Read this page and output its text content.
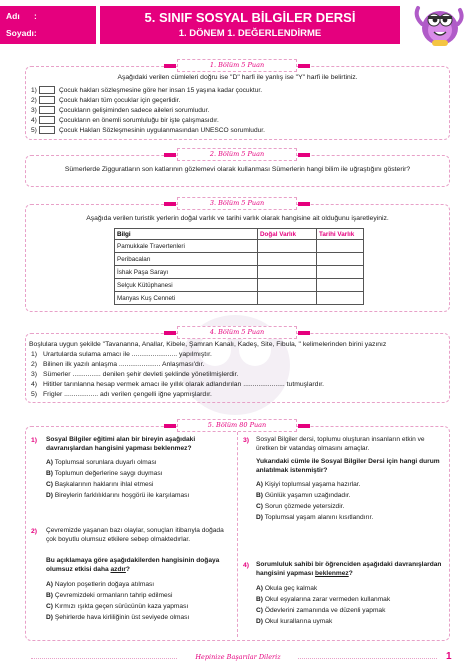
Adı :
Soyadı:
5. SINIF SOSYAL BİLGİLER DERSİ
1. DÖNEM 1. DEĞERLENDİRME
1. Bölüm 5 Puan
Aşağıdaki verilen cümleleri doğru ise "D" harfi ile yanlış ise "Y" harfi ile belirtiniz.
1)	Çocuk hakları sözleşmesine göre her insan 15 yaşına kadar çocuktur.
2)	Çocuk hakları tüm çocuklar için geçerlidir.
3)	Çocukların gelişiminden sadece aileleri sorumludur.
4)	Çocukların en önemli sorumluluğu bir işte çalışmasıdır.
5)	Çocuk Hakları Sözleşmesinin uygulanmasından UNESCO sorumludur.
2. Bölüm 5 Puan
Sümerlerde Zigguratların son katlarının gözlemevi olarak kullanması Sümerlerin hangi bilim ile uğraştığını gösterir?
3. Bölüm 5 Puan
Aşağıda verilen turistik yerlerin doğal varlık ve tarihi varlık olarak hangisine ait olduğunu işaretleyiniz.
Bilgi	Doğal Varlık	Tarihi Varlık
Pamukkale Travertenleri		
Peribacaları		
İshak Paşa Sarayı		
Selçuk Kütüphanesi		
Manyas Kuş Cenneti		
4. Bölüm 5 Puan
Boşlulara uygun şekilde "Tavananna, Anallar, Kibele, Şamran Kanalı, Kadeş, Site, Fibula, " kelimelerinden birini yazınız
1) Urartularda sulama amacı ile ........................ yapılmıştır.
2) Bilinen ilk yazılı anlaşma ...................... Anlaşması'dır.
3) Sümerler ............... denilen şehir devleti şeklinde yönetilmişlerdir.
4) Hititler tarınlanna hesap vermek amacı ile yıllık olarak adlandırılan ...................... tutmuşlardır.
5) Frigler .................. adı verilen çengelli iğne yapmışlardır.
5. Bölüm 80 Puan
1) Sosyal Bilgiler eğitimi alan bir bireyin aşağıdaki davranışlardan hangisini yapması beklenmez?
A) Toplumsal sorunlara duyarlı olması
B) Toplumun değerlerine saygı duyması
C) Başkalarının haklarını ihlal etmesi
D) Bireylerin farklılıklarını hoşgörü ile karşılaması
2) Çevremizde yaşanan bazı olaylar, sonuçları itibarıyla doğada çok boyutlu olumsuz etkilere sebep olmaktedırlar.
Bu açıklamaya göre aşağıdakilerden hangisinin doğaya olumsuz etkisi daha azdır?
A) Naylon poşetlerin doğaya atılması
B) Çevremizdeki ormanların tahrip edilmesi
C) Kırmızı ışıkta geçen sürücünün kaza yapması
D) Şehirlerde hava kirliliğinin üst seviyede olması
3) Sosyal Bilgiler dersi, toplumu oluşturan insanların etkin ve üretken bir vatandaş olmasını amaçlar.
Yukarıdaki cümle ile Sosyal Bilgiler Dersi için hangi durum anlatılmak istenmiştir?
A) Kişiyi toplumsal yaşama hazırlar.
B) Günlük yaşamın uzağındadır.
C) Sorun çözmede yetersizdir.
D) Toplumsal yaşam alanını kısıtlandırır.
4) Sorumluluk sahibi bir öğrenciden aşağıdaki davranışlardan hangisini yapması beklenmez?
A) Okula geç kalmak
B) Okul eşyalarına zarar vermeden kullanmak
C) Ödevlerini zamanında ve düzenli yapmak
D) Okul kurallarına uymak
Hepinize Başarılar Dileriz	1
